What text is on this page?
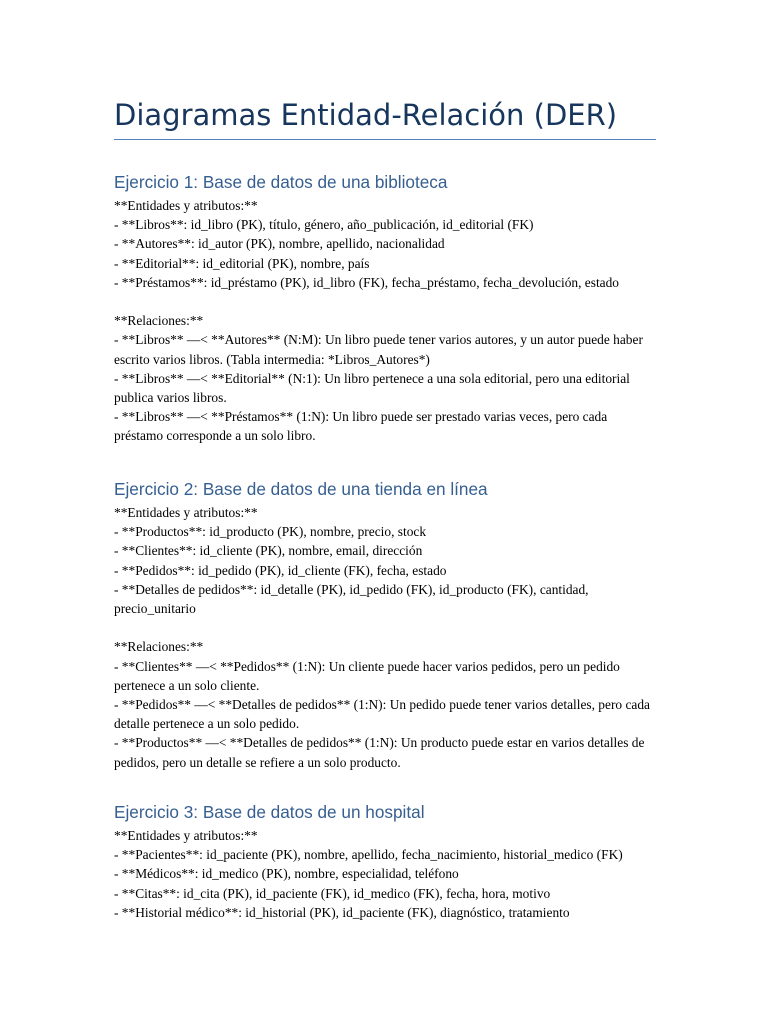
Diagramas Entidad-Relación (DER)
Ejercicio 1: Base de datos de una biblioteca

**Entidades y atributos:**

- **Libros**: id_libro (PK), título, género, año_publicación, id_editorial (FK)

- **Autores**: id_autor (PK), nombre, apellido, nacionalidad

- **Editorial**: id_editorial (PK), nombre, país

- **Préstamos**: id_préstamo (PK), id_libro (FK), fecha_préstamo, fecha_devolución, estado

**Relaciones:**

- **Libros** —< **Autores** (N:M): Un libro puede tener varios autores, y un autor puede haber escrito varios libros. (Tabla intermedia: *Libros_Autores*)

- **Libros** —< **Editorial** (N:1): Un libro pertenece a una sola editorial, pero una editorial publica varios libros.

- **Libros** —< **Préstamos** (1:N): Un libro puede ser prestado varias veces, pero cada préstamo corresponde a un solo libro.

Ejercicio 2: Base de datos de una tienda en línea

**Entidades y atributos:**

- **Productos**: id_producto (PK), nombre, precio, stock

- **Clientes**: id_cliente (PK), nombre, email, dirección

- **Pedidos**: id_pedido (PK), id_cliente (FK), fecha, estado

- **Detalles de pedidos**: id_detalle (PK), id_pedido (FK), id_producto (FK), cantidad, precio_unitario

**Relaciones:**

- **Clientes** —< **Pedidos** (1:N): Un cliente puede hacer varios pedidos, pero un pedido pertenece a un solo cliente.

- **Pedidos** —< **Detalles de pedidos** (1:N): Un pedido puede tener varios detalles, pero cada detalle pertenece a un solo pedido.

- **Productos** —< **Detalles de pedidos** (1:N): Un producto puede estar en varios detalles de pedidos, pero un detalle se refiere a un solo producto.

Ejercicio 3: Base de datos de un hospital

**Entidades y atributos:**

- **Pacientes**: id_paciente (PK), nombre, apellido, fecha_nacimiento, historial_medico (FK)

- **Médicos**: id_medico (PK), nombre, especialidad, teléfono

- **Citas**: id_cita (PK), id_paciente (FK), id_medico (FK), fecha, hora, motivo

- **Historial médico**: id_historial (PK), id_paciente (FK), diagnóstico, tratamiento
